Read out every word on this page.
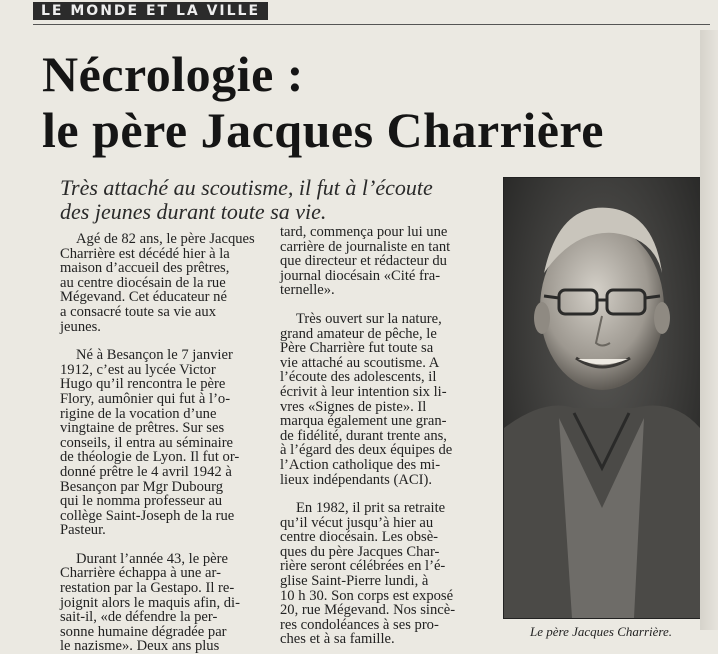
LE MONDE ET LA VILLE
Nécrologie :
le père Jacques Charrière

Très attaché au scoutisme, il fut à l’écoute
des jeunes durant toute sa vie.

Agé de 82 ans, le père Jacques
Charrière est décédé hier à la
maison d’accueil des prêtres,
au centre diocésain de la rue
Mégevand. Cet éducateur né
a consacré toute sa vie aux
jeunes.

Né à Besançon le 7 janvier
1912, c’est au lycée Victor
Hugo qu’il rencontra le père
Flory, aumônier qui fut à l’o-
rigine de la vocation d’une
vingtaine de prêtres. Sur ses
conseils, il entra au séminaire
de théologie de Lyon. Il fut or-
donné prêtre le 4 avril 1942 à
Besançon par Mgr Dubourg
qui le nomma professeur au
collège Saint-Joseph de la rue
Pasteur.

Durant l’année 43, le père
Charrière échappa à une ar-
restation par la Gestapo. Il re-
joignit alors le maquis afin, di-
sait-il, «de défendre la per-
sonne humaine dégradée par
le nazisme». Deux ans plus

tard, commença pour lui une
carrière de journaliste en tant
que directeur et rédacteur du
journal diocésain «Cité fra-
ternelle».

Très ouvert sur la nature,
grand amateur de pêche, le
Père Charrière fut toute sa
vie attaché au scoutisme. A
l’écoute des adolescents, il
écrivit à leur intention six li-
vres «Signes de piste». Il
marqua également une gran-
de fidélité, durant trente ans,
à l’égard des deux équipes de
l’Action catholique des mi-
lieux indépendants (ACI).

En 1982, il prit sa retraite
qu’il vécut jusqu’à hier au
centre diocésain. Les obsè-
ques du père Jacques Char-
rière seront célébrées en l’é-
glise Saint-Pierre lundi, à
10 h 30. Son corps est exposé
20, rue Mégevand. Nos sincè-
res condoléances à ses pro-
ches et à sa famille.	Le père Jacques Charrière.
